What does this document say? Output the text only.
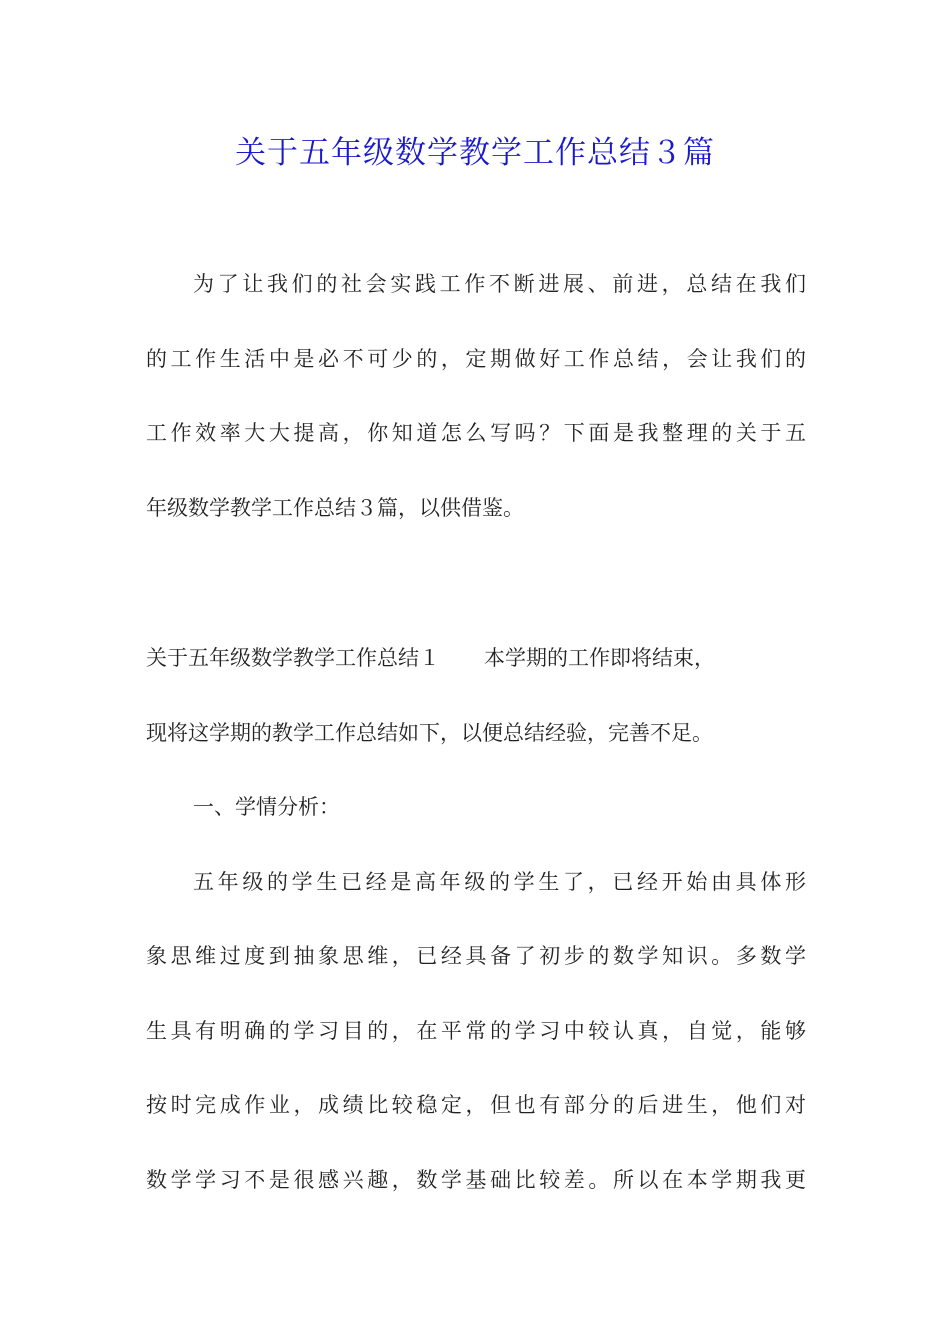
关于五年级数学教学工作总结３篇
为了让我们的社会实践工作不断进展、前进，总结在我们
的工作生活中是必不可少的，定期做好工作总结，会让我们的
工作效率大大提高，你知道怎么写吗？下面是我整理的关于五
年级数学教学工作总结３篇，以供借鉴。
关于五年级数学教学工作总结１ 本学期的工作即将结束，
现将这学期的教学工作总结如下，以便总结经验，完善不足。
一、学情分析：
五年级的学生已经是高年级的学生了，已经开始由具体形
象思维过度到抽象思维，已经具备了初步的数学知识。多数学
生具有明确的学习目的，在平常的学习中较认真，自觉，能够
按时完成作业，成绩比较稳定，但也有部分的后进生，他们对
数学学习不是很感兴趣，数学基础比较差。所以在本学期我更
